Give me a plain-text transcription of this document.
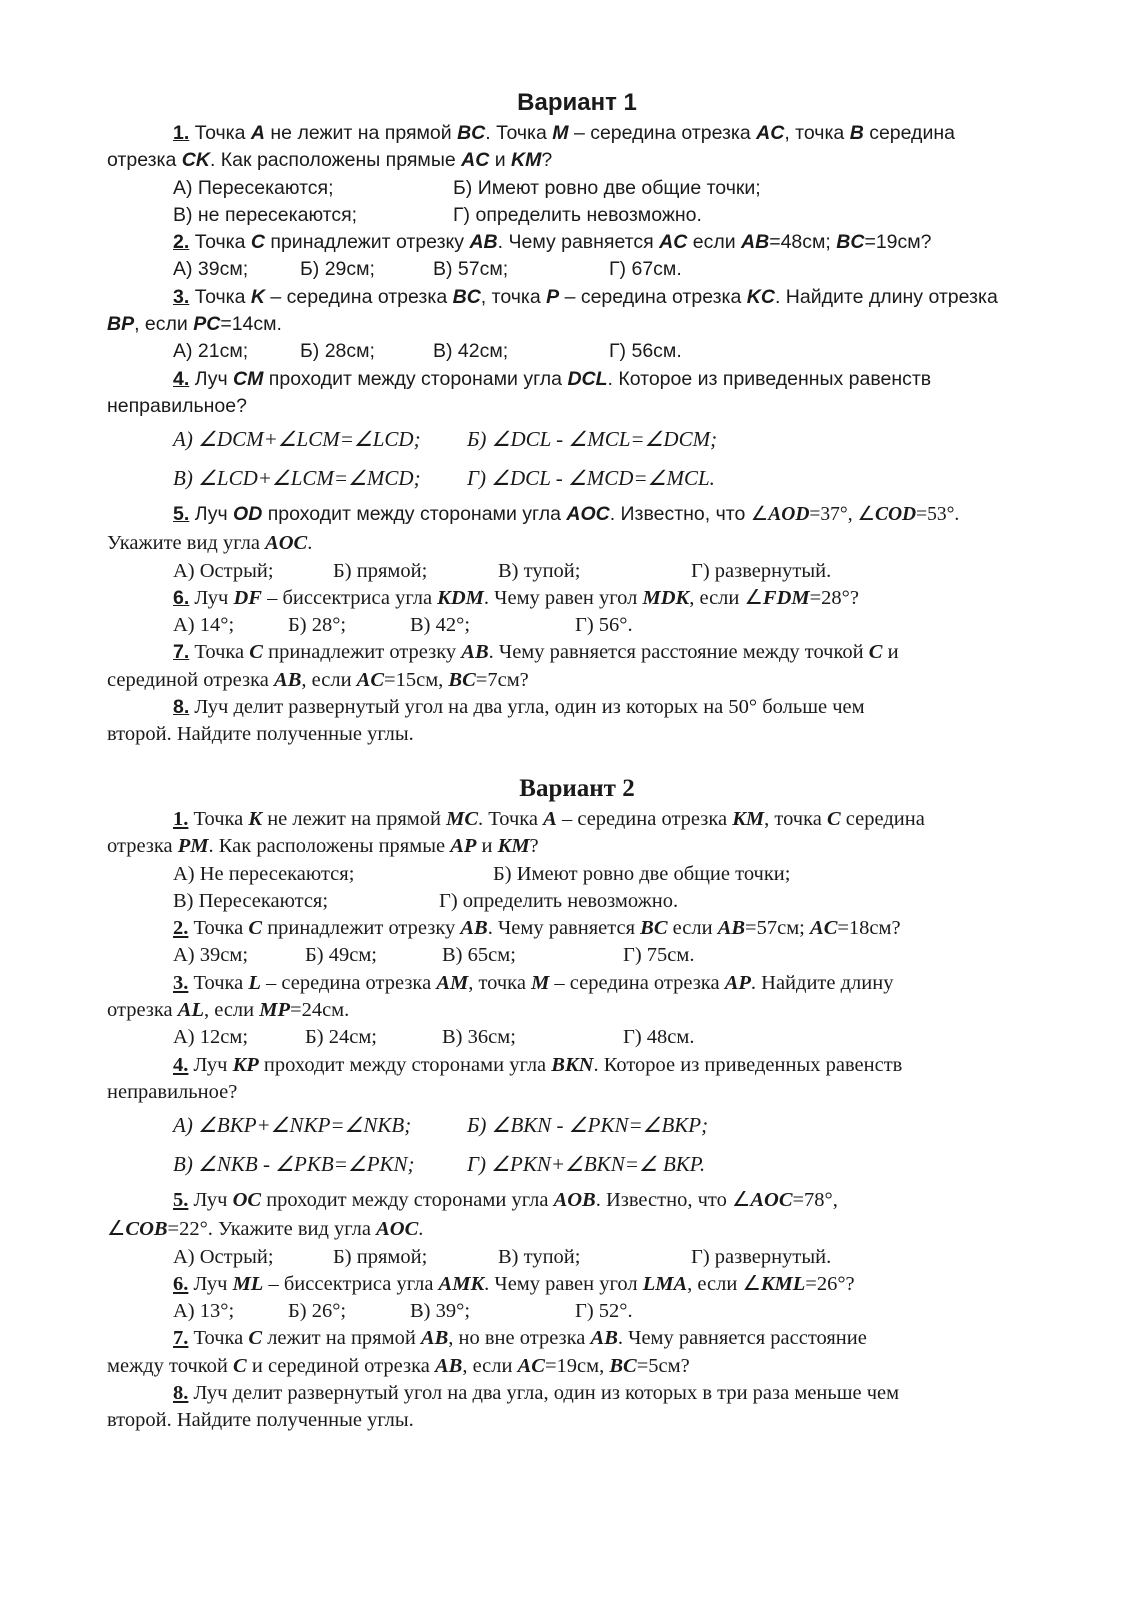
Вариант 1
1. Точка A не лежит на прямой BC. Точка M – середина отрезка AC, точка B середина
отрезка CK. Как расположены прямые AC и KM?
А) Пересекаются;	Б) Имеют ровно две общие точки;
В) не пересекаются;	Г) определить невозможно.
2. Точка C принадлежит отрезку AB. Чему равняется AC если AB=48см; BC=19см?
А) 39см;	Б) 29см;	В) 57см;	Г) 67см.
3. Точка K – середина отрезка BC, точка P – середина отрезка KC. Найдите длину отрезка
BP, если PC=14см.
А) 21см;	Б) 28см;	В) 42см;	Г) 56см.
4. Луч CM проходит между сторонами угла DCL. Которое из приведенных равенств
неправильное?
А) ∠DCM+∠LCM=∠LCD; Б) ∠DCL - ∠MCL=∠DCM;
В) ∠LCD+∠LCM=∠MCD; Г) ∠DCL - ∠MCD=∠MCL.
5. Луч OD проходит между сторонами угла AOC. Известно, что ∠AOD=37°, ∠COD=53°.
Укажите вид угла AOC.
А) Острый;	Б) прямой;	В) тупой;	Г) развернутый.
6. Луч DF – биссектриса угла KDM. Чему равен угол MDK, если ∠FDM=28°?
А) 14°;	Б) 28°;	В) 42°;	Г) 56°.
7. Точка C принадлежит отрезку AB. Чему равняется расстояние между точкой C и
серединой отрезка AB, если AC=15см, BC=7см?
8. Луч делит развернутый угол на два угла, один из которых на 50° больше чем
второй. Найдите полученные углы.
Вариант 2
1. Точка K не лежит на прямой MC. Точка A – середина отрезка KM, точка C середина
отрезка PM. Как расположены прямые AP и KM?
А) Не пересекаются;	Б) Имеют ровно две общие точки;
В) Пересекаются;	Г) определить невозможно.
2. Точка C принадлежит отрезку AB. Чему равняется BC если AB=57см; AC=18см?
А) 39см;	Б) 49см;	В) 65см;	Г) 75см.
3. Точка L – середина отрезка AM, точка M – середина отрезка AP. Найдите длину
отрезка AL, если MP=24см.
А) 12см;	Б) 24см;	В) 36см;	Г) 48см.
4. Луч KP проходит между сторонами угла BKN. Которое из приведенных равенств
неправильное?
А) ∠BKP+∠NKP=∠NKB;	Б) ∠BKN - ∠PKN=∠BKP;
В) ∠NKB - ∠PKB=∠PKN; Г) ∠PKN+∠BKN=∠ BKP.
5. Луч OC проходит между сторонами угла AOB. Известно, что ∠AOC=78°,
∠COB=22°. Укажите вид угла AOC.
А) Острый;	Б) прямой;	В) тупой;	Г) развернутый.
6. Луч ML – биссектриса угла AMK. Чему равен угол LMA, если ∠KML=26°?
А) 13°;	Б) 26°;	В) 39°;	Г) 52°.
7. Точка C лежит на прямой AB, но вне отрезка AB. Чему равняется расстояние
между точкой C и серединой отрезка AB, если AC=19см, BC=5см?
8. Луч делит развернутый угол на два угла, один из которых в три раза меньше чем
второй. Найдите полученные углы.
